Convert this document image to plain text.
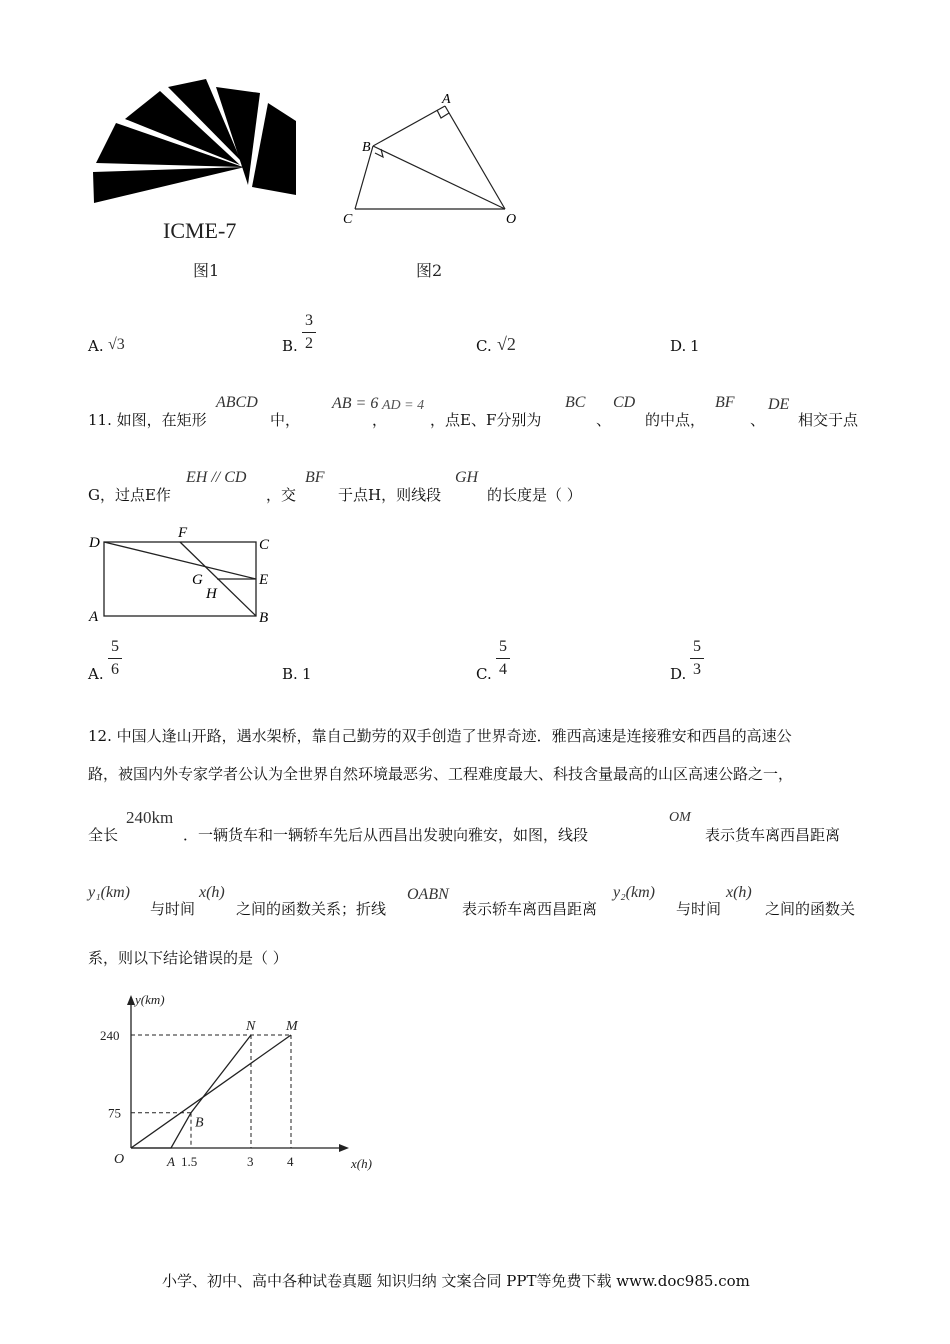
ICME-7
图1
A
B
C	O
图2
A. √3	B.
3
2	C. √2	D. 1
11. 如图，在矩形
ABCD
中，
AB = 6
，
AD = 4
，点E、F分别为
BC
、
CD
的中点，
BF
、
DE
相交于点
G，过点E作
EH // CD
，交
BF
于点H，则线段
GH
的长度是（ ）
D
F
C
G	E
H
A	B
A.
5
6	B. 1	C.
5
4	D.
5
3
12. 中国人逢山开路，遇水架桥，靠自己勤劳的双手创造了世界奇迹．雅西高速是连接雅安和西昌的高速公
路，被国内外专家学者公认为全世界自然环境最恶劣、工程难度最大、科技含量最高的山区高速公路之一，
全长
240km
．一辆货车和一辆轿车先后从西昌出发驶向雅安，如图，线段
OM
表示货车离西昌距离
y₁(km)
与时间
x(h)
之间的函数关系；折线
OABN
表示轿车离西昌距离
y₂(km)
与时间
x(h)
之间的函数关
系，则以下结论错误的是（ ）
y(km)
x(h)
O	A 1.5	3	4
75
240
N M
B
小学、初中、高中各种试卷真题 知识归纳 文案合同 PPT等免费下载 www.doc985.com
